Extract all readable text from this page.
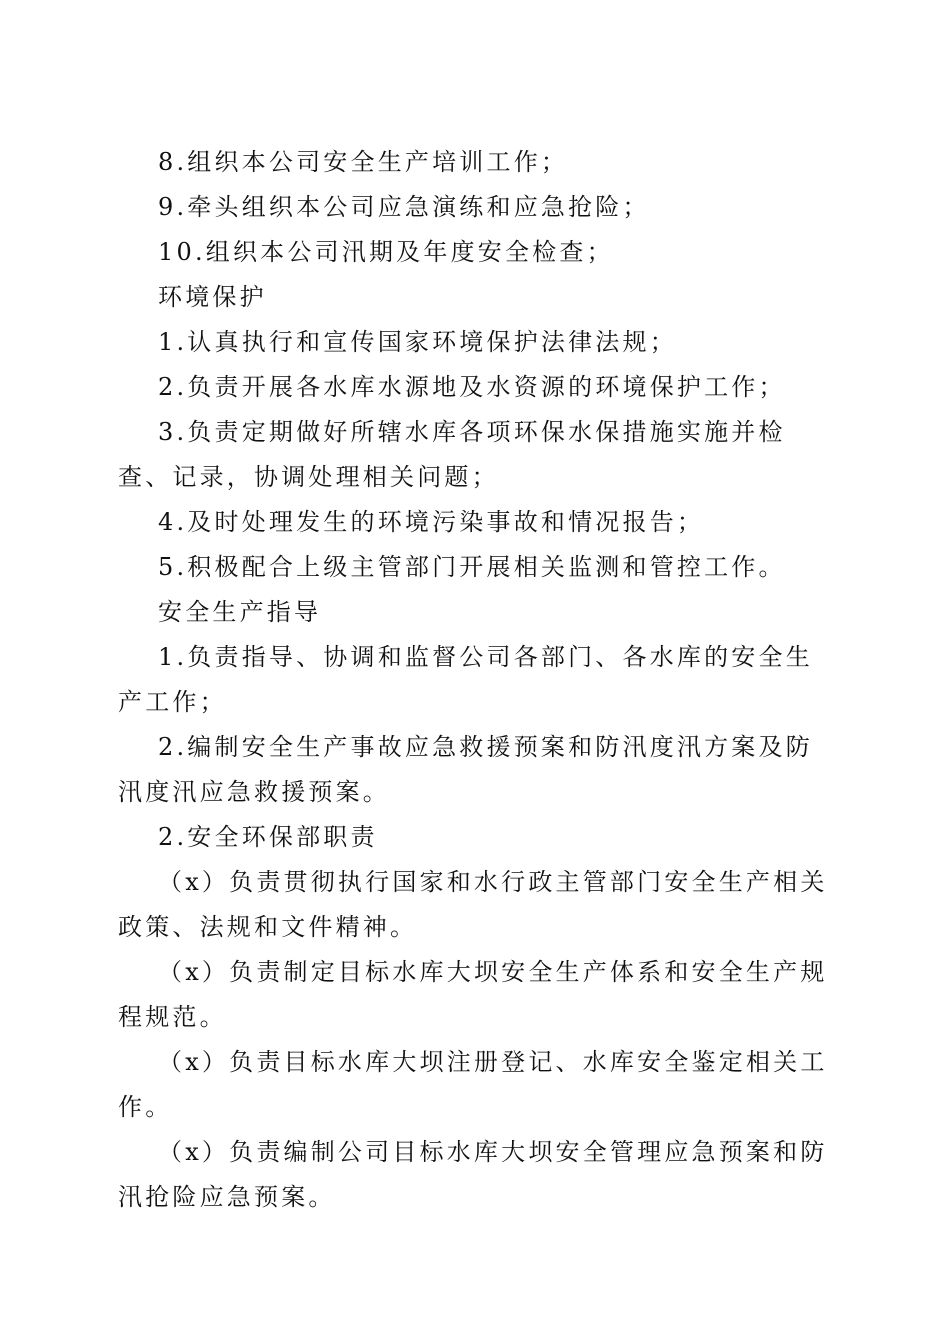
8.组织本公司安全生产培训工作；

9.牵头组织本公司应急演练和应急抢险；

10.组织本公司汛期及年度安全检查；

环境保护

1.认真执行和宣传国家环境保护法律法规；

2.负责开展各水库水源地及水资源的环境保护工作；

3.负责定期做好所辖水库各项环保水保措施实施并检查、记录，协调处理相关问题；

4.及时处理发生的环境污染事故和情况报告；

5.积极配合上级主管部门开展相关监测和管控工作。

安全生产指导

1.负责指导、协调和监督公司各部门、各水库的安全生产工作；

2.编制安全生产事故应急救援预案和防汛度汛方案及防汛度汛应急救援预案。

2.安全环保部职责

（x）负责贯彻执行国家和水行政主管部门安全生产相关政策、法规和文件精神。

（x）负责制定目标水库大坝安全生产体系和安全生产规程规范。

（x）负责目标水库大坝注册登记、水库安全鉴定相关工作。

（x）负责编制公司目标水库大坝安全管理应急预案和防汛抢险应急预案。
